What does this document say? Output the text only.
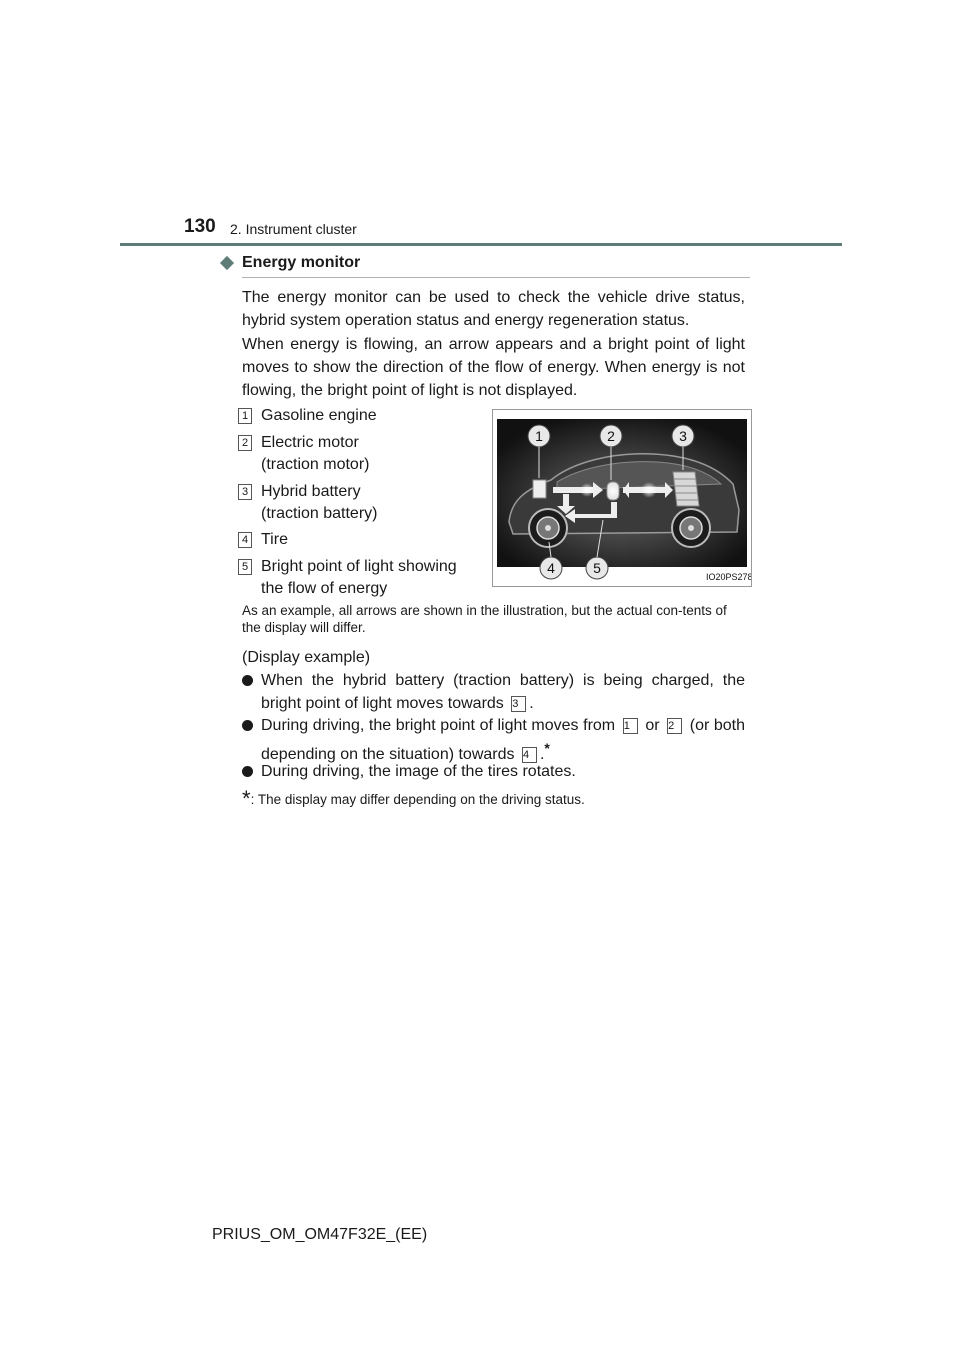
130 2. Instrument cluster
Energy monitor
The energy monitor can be used to check the vehicle drive status, hybrid system operation status and energy regeneration status.
When energy is flowing, an arrow appears and a bright point of light moves to show the direction of the flow of energy. When energy is not flowing, the bright point of light is not displayed.
1 Gasoline engine
2 Electric motor
(traction motor)
3 Hybrid battery
(traction battery)
4 Tire
5 Bright point of light showing
the flow of energy
1	2	3
4	5
IO20PS278
As an example, all arrows are shown in the illustration, but the actual con-tents of the display will differ.
(Display example)
When the hybrid battery (traction battery) is being charged, the bright point of light moves towards 3 .
During driving, the bright point of light moves from 1 or 2 (or both depending on the situation) towards 4 .*
During driving, the image of the tires rotates.
*: The display may differ depending on the driving status.
PRIUS_OM_OM47F32E_(EE)
